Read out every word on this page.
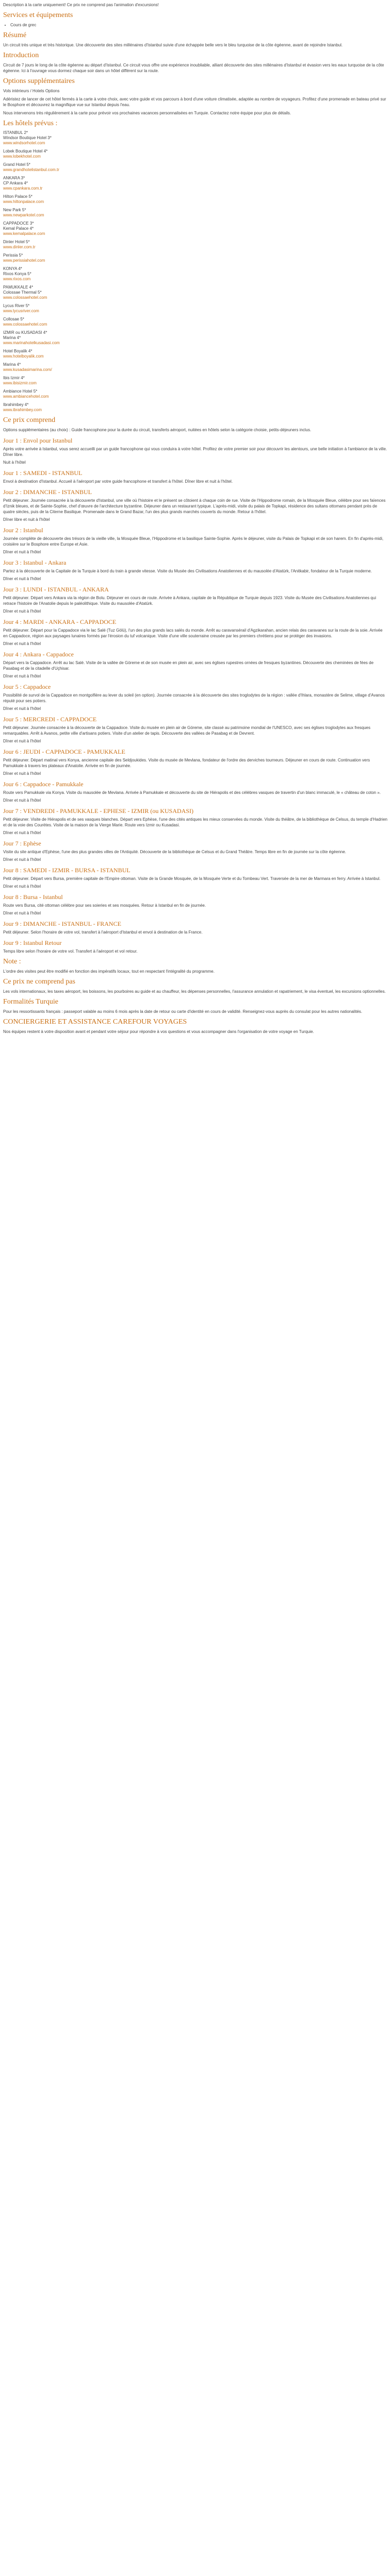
Description à la carte uniquement! Ce prix ne comprend pas l'animation d'excursions!

Services et équipements
• Cours de grec
Résumé

Un circuit très unique et très historique. Une découverte des sites millénaires d'Istanbul suivie d'une échappée belle vers le bleu turquoise de la côte égéenne, avant de rejoindre Istanbul.

Introduction

Circuit de 7 jours le long de la côte égéenne au départ d'Istanbul. Ce circuit vous offre une expérience inoubliable, alliant découverte des sites millénaires d'Istanbul et évasion vers les eaux turquoise de la côte égéenne. Ici à l'ouvrage vous dormez chaque soir dans un hôtel différent sur la route.

Options supplémentaires

Vols intérieurs / Hotels Options

Adéristez de lancer de cet hôtel fermés à la carte à votre choix, avec votre guide et vos parcours à bord d'une voiture climatisée, adaptée au nombre de voyageurs. Profitez d'une promenade en bateau privé sur le Bosphore et découvrez la magnifique vue sur Istanbul depuis l'eau.

Nous intervenons très régulièrement à la carte pour prévoir vos prochaines vacances personnalisées en Turquie. Contactez notre équipe pour plus de détails.

Les hôtels prévus :
ISTANBUL 2*
Windsor Boutique Hotel 3*
www.windsorhotel.com
Lobek Boutique Hotel 4*
www.lobekhotel.com
Grand Hotel 5*
www.grandhotelistanbul.com.tr
ANKARA 3*
CP Ankara 4*
www.cpankara.com.tr
Hilton Palace 5*
www.hiltonpalace.com
New Park 5*
www.newparkotel.com
CAPPADOCE 3*
Kemal Palace 4*
www.kemalpalace.com
Dinler Hotel 5*
www.dinler.com.tr
Perissia 5*
www.perissiahotel.com
KONYA 4*
Rixos Konya 5*
www.rixos.com
PAMUKKALE 4*
Colossae Thermal 5*
www.colossaehotel.com
Lycus River 5*
www.lycusriver.com
Collosae 5*
www.colossaehotel.com
IZMIR ou KUSADASI 4*
Marina 4*
www.marinahotelkusadasi.com
Hotel Boyalik 4*
www.hotelboyalik.com
Marina 4*
www.kusadasimarina.com/
Ibis Izmir 4*
www.ibisizmir.com
Ambiance Hotel 5*
www.ambiancehotel.com
Ibrahimbey 4*
www.ibrahimbey.com
Ce prix comprend

Options supplémentaires (au choix) : Guide francophone pour la durée du circuit, transferts aéroport, nuitées en hôtels selon la catégorie choisie, petits-déjeuners inclus.

Jour 1 : Envol pour Istanbul

Après votre arrivée à Istanbul, vous serez accueilli par un guide francophone qui vous conduira à votre hôtel. Profitez de votre premier soir pour découvrir les alentours, une belle initiation à l'ambiance de la ville. Dîner libre.

Nuit à l'hôtel

Jour 1 : SAMEDI - ISTANBUL

Envol à destination d'Istanbul. Accueil à l'aéroport par votre guide francophone et transfert à l'hôtel. Dîner libre et nuit à l'hôtel.

Jour 2 : DIMANCHE - ISTANBUL

Petit déjeuner. Journée consacrée à la découverte d'Istanbul, une ville où l'histoire et le présent se côtoient à chaque coin de rue. Visite de l'Hippodrome romain, de la Mosquée Bleue, célèbre pour ses faïences d'Iznik bleues, et de Sainte-Sophie, chef d'œuvre de l'architecture byzantine. Déjeuner dans un restaurant typique. L'après-midi, visite du palais de Topkapi, résidence des sultans ottomans pendant près de quatre siècles, puis de la Citerne Basilique. Promenade dans le Grand Bazar, l'un des plus grands marchés couverts du monde. Retour à l'hôtel.

Dîner libre et nuit à l'hôtel

Jour 2 : Istanbul

Journée complète de découverte des trésors de la vieille ville, la Mosquée Bleue, l'Hippodrome et la basilique Sainte-Sophie. Après le déjeuner, visite du Palais de Topkapi et de son harem. En fin d'après-midi, croisière sur le Bosphore entre Europe et Asie.

Dîner et nuit à l'hôtel

Jour 3 : Istanbul - Ankara

Partez à la découverte de la Capitale de la Turquie à bord du train à grande vitesse. Visite du Musée des Civilisations Anatoliennes et du mausolée d'Atatürk, l'Anitkabir, fondateur de la Turquie moderne.

Dîner et nuit à l'hôtel

Jour 3 : LUNDI - ISTANBUL - ANKARA

Petit déjeuner. Départ vers Ankara via la région de Bolu. Déjeuner en cours de route. Arrivée à Ankara, capitale de la République de Turquie depuis 1923. Visite du Musée des Civilisations Anatoliennes qui retrace l'histoire de l'Anatolie depuis le paléolithique. Visite du mausolée d'Atatürk.

Dîner et nuit à l'hôtel

Jour 4 : MARDI - ANKARA - CAPPADOCE

Petit déjeuner. Départ pour la Cappadoce via le lac Salé (Tuz Gölü), l'un des plus grands lacs salés du monde. Arrêt au caravansérail d'Agzikarahan, ancien relais des caravanes sur la route de la soie. Arrivée en Cappadoce, région aux paysages lunaires formés par l'érosion du tuf volcanique. Visite d'une ville souterraine creusée par les premiers chrétiens pour se protéger des invasions.

Dîner et nuit à l'hôtel

Jour 4 : Ankara - Cappadoce

Départ vers la Cappadoce. Arrêt au lac Salé. Visite de la vallée de Göreme et de son musée en plein air, avec ses églises rupestres ornées de fresques byzantines. Découverte des cheminées de fées de Pasabag et de la citadelle d'Uçhisar.

Dîner et nuit à l'hôtel

Jour 5 : Cappadoce

Possibilité de survol de la Cappadoce en montgolfière au lever du soleil (en option). Journée consacrée à la découverte des sites troglodytes de la région : vallée d'Ihlara, monastère de Selime, village d'Avanos réputé pour ses potiers.

Dîner et nuit à l'hôtel

Jour 5 : MERCREDI - CAPPADOCE

Petit déjeuner. Journée consacrée à la découverte de la Cappadoce. Visite du musée en plein air de Göreme, site classé au patrimoine mondial de l'UNESCO, avec ses églises troglodytes aux fresques remarquables. Arrêt à Avanos, petite ville d'artisans potiers. Visite d'un atelier de tapis. Découverte des vallées de Pasabag et de Devrent.

Dîner et nuit à l'hôtel

Jour 6 : JEUDI - CAPPADOCE - PAMUKKALE

Petit déjeuner. Départ matinal vers Konya, ancienne capitale des Seldjoukides. Visite du musée de Mevlana, fondateur de l'ordre des derviches tourneurs. Déjeuner en cours de route. Continuation vers Pamukkale à travers les plateaux d'Anatolie. Arrivée en fin de journée.

Dîner et nuit à l'hôtel

Jour 6 : Cappadoce - Pamukkale

Route vers Pamukkale via Konya. Visite du mausolée de Mevlana. Arrivée à Pamukkale et découverte du site de Hiérapolis et des célèbres vasques de travertin d'un blanc immaculé, le « château de coton ».

Dîner et nuit à l'hôtel

Jour 7 : VENDREDI - PAMUKKALE - EPHESE - IZMIR (ou KUSADASI)

Petit déjeuner. Visite de Hiérapolis et de ses vasques blanches. Départ vers Ephèse, l'une des cités antiques les mieux conservées du monde. Visite du théâtre, de la bibliothèque de Celsus, du temple d'Hadrien et de la voie des Courètes. Visite de la maison de la Vierge Marie. Route vers Izmir ou Kusadasi.

Dîner et nuit à l'hôtel

Jour 7 : Ephèse

Visite du site antique d'Ephèse, l'une des plus grandes villes de l'Antiquité. Découverte de la bibliothèque de Celsus et du Grand Théâtre. Temps libre en fin de journée sur la côte égéenne.

Dîner et nuit à l'hôtel

Jour 8 : SAMEDI - IZMIR - BURSA - ISTANBUL

Petit déjeuner. Départ vers Bursa, première capitale de l'Empire ottoman. Visite de la Grande Mosquée, de la Mosquée Verte et du Tombeau Vert. Traversée de la mer de Marmara en ferry. Arrivée à Istanbul.

Dîner et nuit à l'hôtel

Jour 8 : Bursa - Istanbul

Route vers Bursa, cité ottoman célèbre pour ses soieries et ses mosquées. Retour à Istanbul en fin de journée.

Dîner et nuit à l'hôtel

Jour 9 : DIMANCHE - ISTANBUL - FRANCE

Petit déjeuner. Selon l'horaire de votre vol, transfert à l'aéroport d'Istanbul et envol à destination de la France.

Jour 9 : Istanbul Retour

Temps libre selon l'horaire de votre vol. Transfert à l'aéroport et vol retour.

Note :

L'ordre des visites peut être modifié en fonction des impératifs locaux, tout en respectant l'intégralité du programme.

Ce prix ne comprend pas

Les vols internationaux, les taxes aéroport, les boissons, les pourboires au guide et au chauffeur, les dépenses personnelles, l'assurance annulation et rapatriement, le visa éventuel, les excursions optionnelles.

Formalités Turquie

Pour les ressortissants français : passeport valable au moins 6 mois après la date de retour ou carte d'identité en cours de validité. Renseignez-vous auprès du consulat pour les autres nationalités.

CONCIERGERIE ET ASSISTANCE CAREFOUR VOYAGES

Nos équipes restent à votre disposition avant et pendant votre séjour pour répondre à vos questions et vous accompagner dans l'organisation de votre voyage en Turquie.
